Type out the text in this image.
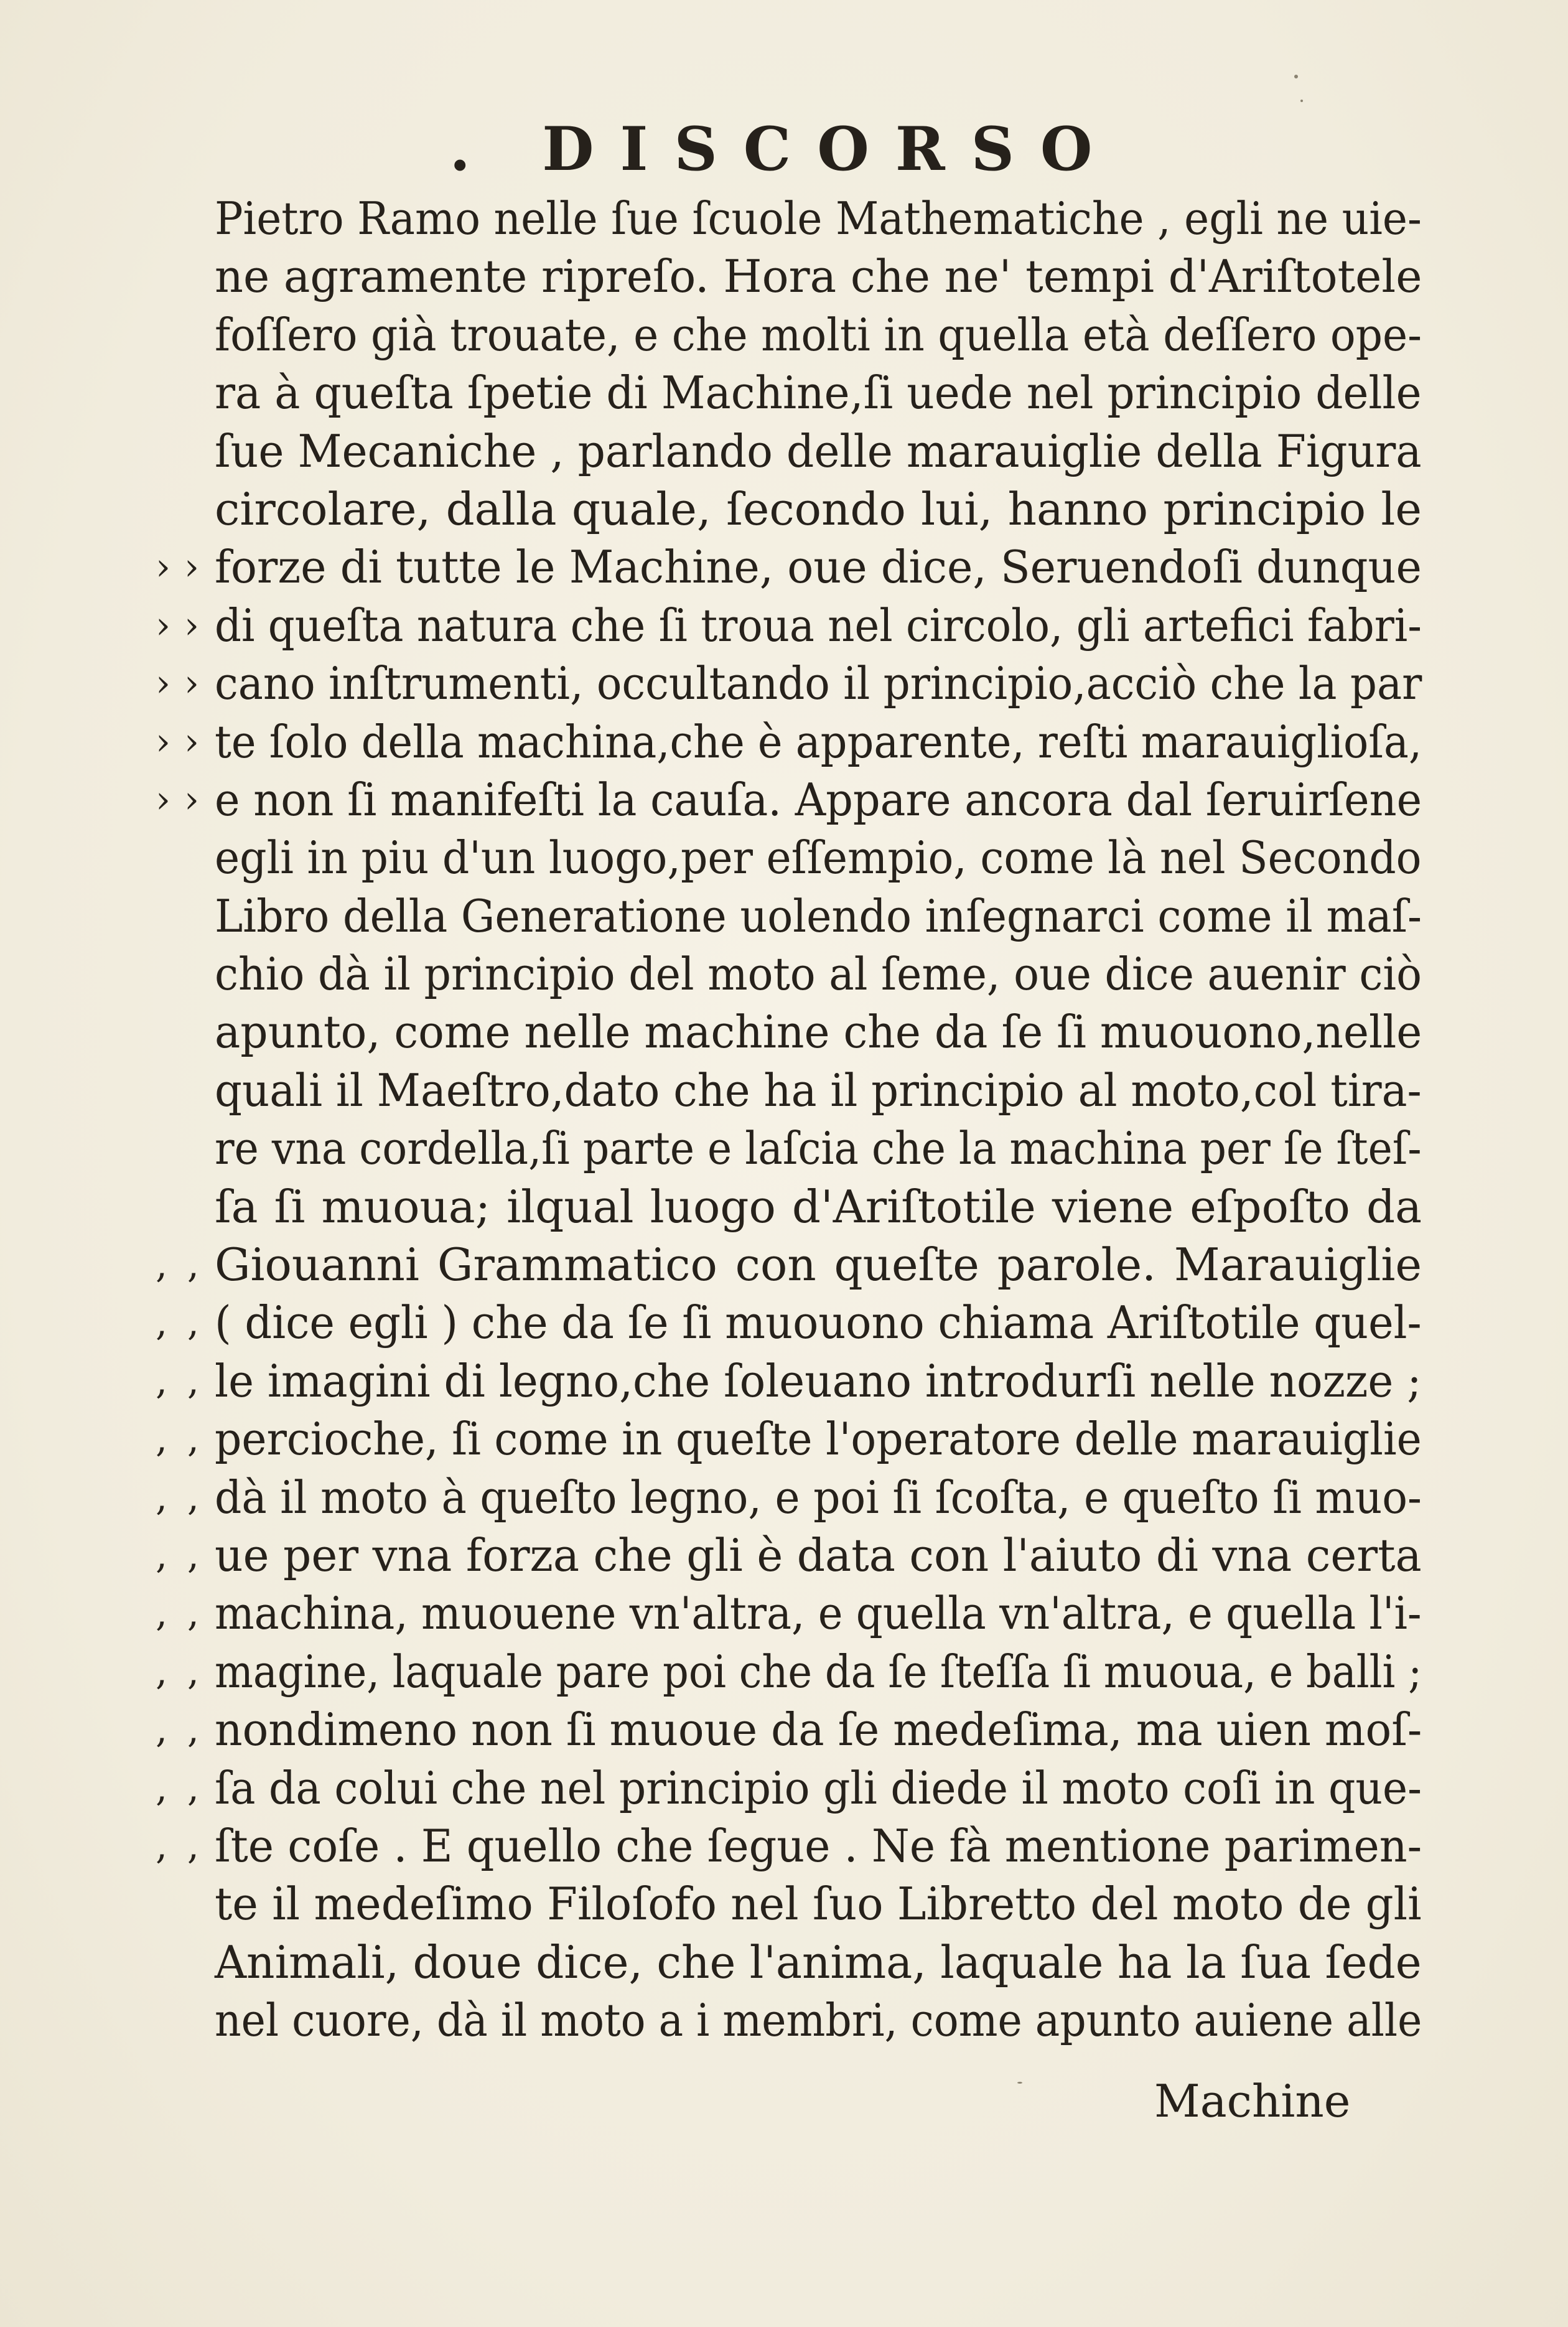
. DISCORSO
Pietro Ramo nelle ſue ſcuole Mathematiche , egli ne uie-
ne agramente ripreſo. Hora che ne' tempi d'Ariſtotele
foſſero già trouate, e che molti in quella età deſſero ope-
ra à queſta ſpetie di Machine,ſi uede nel principio delle
ſue Mecaniche , parlando delle marauiglie della Figura
circolare, dalla quale, ſecondo lui, hanno principio le
› › forze di tutte le Machine, oue dice, Seruendoſi dunque
› › di queſta natura che ſi troua nel circolo, gli artefici fabri-
› › cano inſtrumenti, occultando il principio,acciò che la par
› › te ſolo della machina,che è apparente, reſti marauiglioſa,
› › e non ſi manifeſti la cauſa. Appare ancora dal ſeruirſene
egli in piu d'un luogo,per eſſempio, come là nel Secondo
Libro della Generatione uolendo inſegnarci come il maſ-
chio dà il principio del moto al ſeme, oue dice auenir ciò
apunto, come nelle machine che da ſe ſi muouono,nelle
quali il Maeſtro,dato che ha il principio al moto,col tira-
re vna cordella,ſi parte e laſcia che la machina per ſe ſteſ-
ſa ſi muoua; ilqual luogo d'Ariſtotile viene eſpoſto da
, , Giouanni Grammatico con queſte parole. Marauiglie
, , ( dice egli ) che da ſe ſi muouono chiama Ariſtotile quel-
, , le imagini di legno,che ſoleuano introdurſi nelle nozze ;
, , percioche, ſi come in queſte l'operatore delle marauiglie
, , dà il moto à queſto legno, e poi ſi ſcoſta, e queſto ſi muo-
, , ue per vna forza che gli è data con l'aiuto di vna certa
, , machina, muouene vn'altra, e quella vn'altra, e quella l'i-
, , magine, laquale pare poi che da ſe ſteſſa ſi muoua, e balli ;
, , nondimeno non ſi muoue da ſe medeſima, ma uien moſ-
, , ſa da colui che nel principio gli diede il moto coſi in que-
, , ſte coſe . E quello che ſegue . Ne fà mentione parimen-
te il medeſimo Filoſofo nel ſuo Libretto del moto de gli
Animali, doue dice, che l'anima, laquale ha la ſua ſede
nel cuore, dà il moto a i membri, come apunto auiene alle
Machine
